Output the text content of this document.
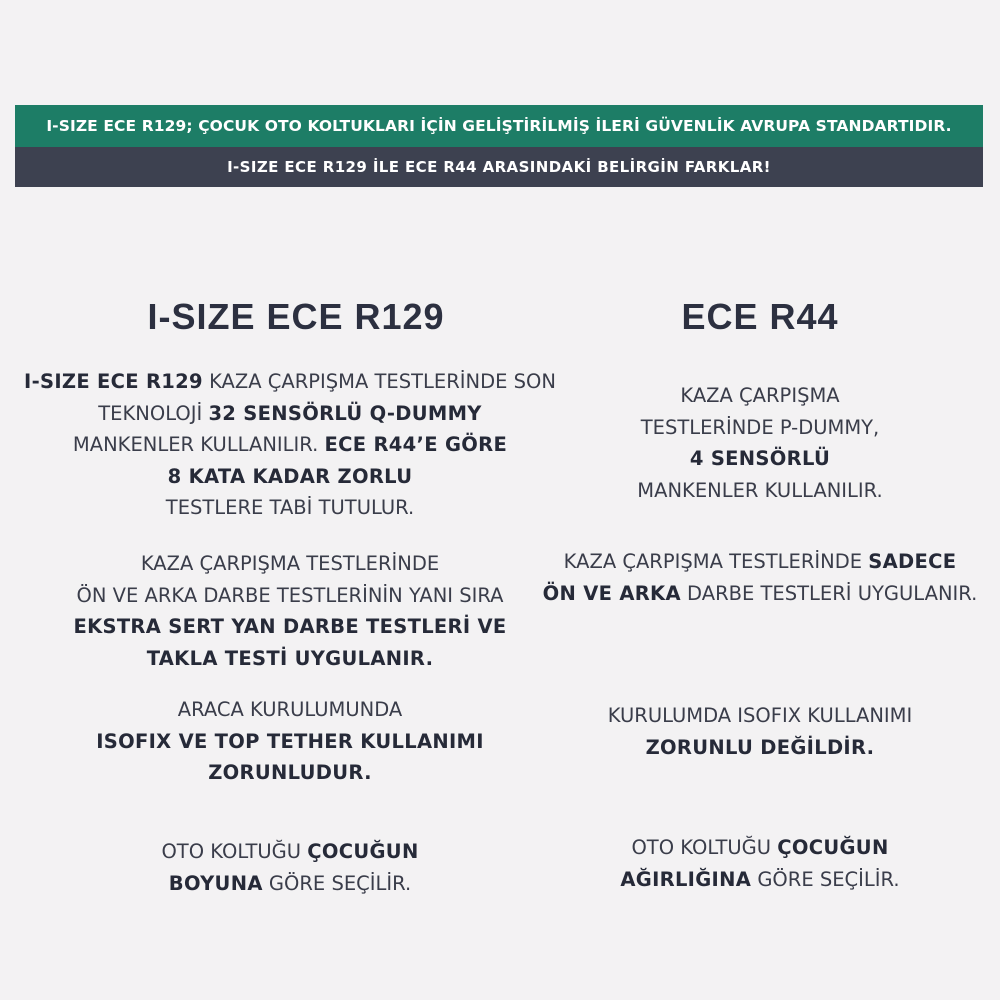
I-SIZE ECE R129; ÇOCUK OTO KOLTUKLARI İÇİN GELİŞTİRİLMİŞ İLERİ GÜVENLİK AVRUPA STANDARTIDIR.
I-SIZE ECE R129 İLE ECE R44 ARASINDAKİ BELİRGİN FARKLAR!
I-SIZE ECE R129
I-SIZE ECE R129 KAZA ÇARPIŞMA TESTLERİNDE SON
TEKNOLOJİ 32 SENSÖRLÜ Q-DUMMY
MANKENLER KULLANILIR. ECE R44’E GÖRE
8 KATA KADAR ZORLU
TESTLERE TABİ TUTULUR.
KAZA ÇARPIŞMA TESTLERİNDE
ÖN VE ARKA DARBE TESTLERİNİN YANI SIRA
EKSTRA SERT YAN DARBE TESTLERİ VE
TAKLA TESTİ UYGULANIR.
ARACA KURULUMUNDA
ISOFIX VE TOP TETHER KULLANIMI
ZORUNLUDUR.
OTO KOLTUĞU ÇOCUĞUN
BOYUNA GÖRE SEÇİLİR.
ECE R44
KAZA ÇARPIŞMA
TESTLERİNDE P-DUMMY,
4 SENSÖRLÜ
MANKENLER KULLANILIR.
KAZA ÇARPIŞMA TESTLERİNDE SADECE
ÖN VE ARKA DARBE TESTLERİ UYGULANIR.
KURULUMDA ISOFIX KULLANIMI
ZORUNLU DEĞİLDİR.
OTO KOLTUĞU ÇOCUĞUN
AĞIRLIĞINA GÖRE SEÇİLİR.
